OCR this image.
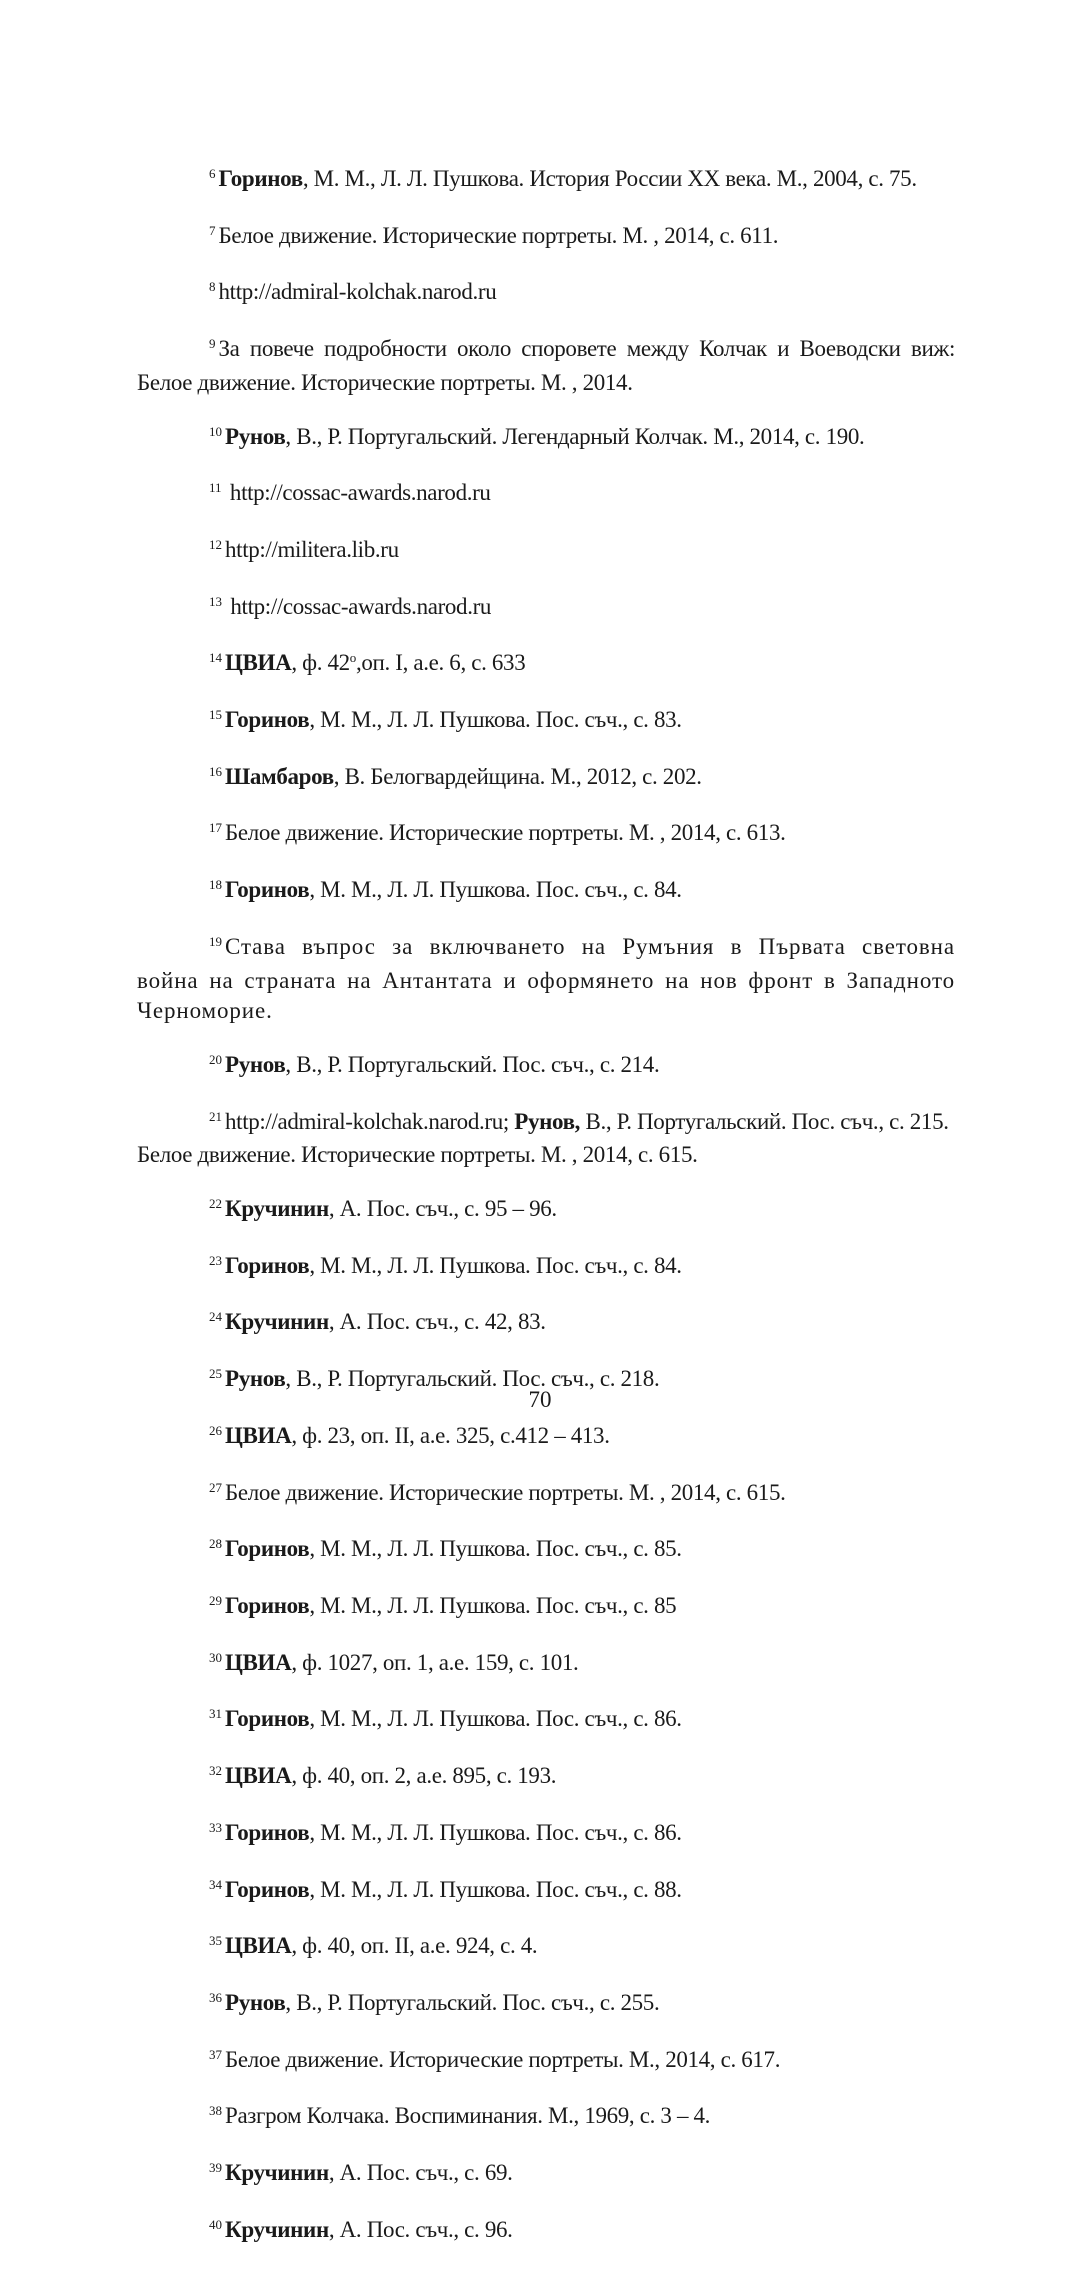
$^6$ Горинов, М. М., Л. Л. Пушкова. История России XX века. М., 2004, с. 75.

$^7$ Белое движение. Исторические портреты. М. , 2014, с. 611.

$^8$ http://admiral-kolchak.narod.ru

$^9$ За повече подробности около споровете между Колчак и Воеводски виж: Белое движение. Исторические портреты. М. , 2014.

$^{10}$ Рунов, В., Р. Португальский. Легендарный Колчак. М., 2014, с. 190.

$^{11}$ http://cossac-awards.narod.ru

$^{12}$ http://militera.lib.ru

$^{13}$ http://cossac-awards.narod.ru

$^{14}$ ЦВИА, ф. $42^о,оп$. I, а.е. 6, с. 633

$^{15}$ Горинов, М. М., Л. Л. Пушкова. Пос. съч., с. 83.

$^{16}$ Шамбаров, В. Белогвардейщина. М., 2012, с. 202.

$^{17}$ Белое движение. Исторические портреты. М. , 2014, с. 613.

$^{18}$ Горинов, М. М., Л. Л. Пушкова. Пос. съч., с. 84.

$^{19}$ Става въпрос за включването на Румъния в Първата световна война на страната на Антантата и оформянето на нов фронт в Западното Черноморие.

$^{20}$ Рунов, В., Р. Португальский. Пос. съч., с. 214.

$^{21}$ http://admiral-kolchak.narod.ru; Рунов, В., Р. Португальский. Пос. съч., с. 215. Белое движение. Исторические портреты. М. , 2014, с. 615.

$^{22}$ Кручинин, А. Пос. съч., с. 95 – 96.

$^{23}$ Горинов, М. М., Л. Л. Пушкова. Пос. съч., с. 84.

$^{24}$ Кручинин, А. Пос. съч., с. 42, 83.

$^{25}$ Рунов, В., Р. Португальский. Пос. съч., с. 218.

$^{26}$ ЦВИА, ф. 23, оп. II, а.е. 325, с.412 – 413.

$^{27}$ Белое движение. Исторические портреты. М. , 2014, с. 615.

$^{28}$ Горинов, М. М., Л. Л. Пушкова. Пос. съч., с. 85.

$^{29}$ Горинов, М. М., Л. Л. Пушкова. Пос. съч., с. 85

$^{30}$ ЦВИА, ф. 1027, оп. 1, а.е. 159, с. 101.

$^{31}$ Горинов, М. М., Л. Л. Пушкова. Пос. съч., с. 86.

$^{32}$ ЦВИА, ф. 40, оп. 2, а.е. 895, с. 193.

$^{33}$ Горинов, М. М., Л. Л. Пушкова. Пос. съч., с. 86.

$^{34}$ Горинов, М. М., Л. Л. Пушкова. Пос. съч., с. 88.

$^{35}$ ЦВИА, ф. 40, оп. II, а.е. 924, с. 4.

$^{36}$ Рунов, В., Р. Португальский. Пос. съч., с. 255.

$^{37}$ Белое движение. Исторические портреты. М., 2014, с. 617.

$^{38}$ Разгром Колчака. Воспиминания. М., 1969, с. 3 – 4.

$^{39}$ Кручинин, А. Пос. съч., с. 69.

$^{40}$ Кручинин, А. Пос. съч., с. 96.

70
